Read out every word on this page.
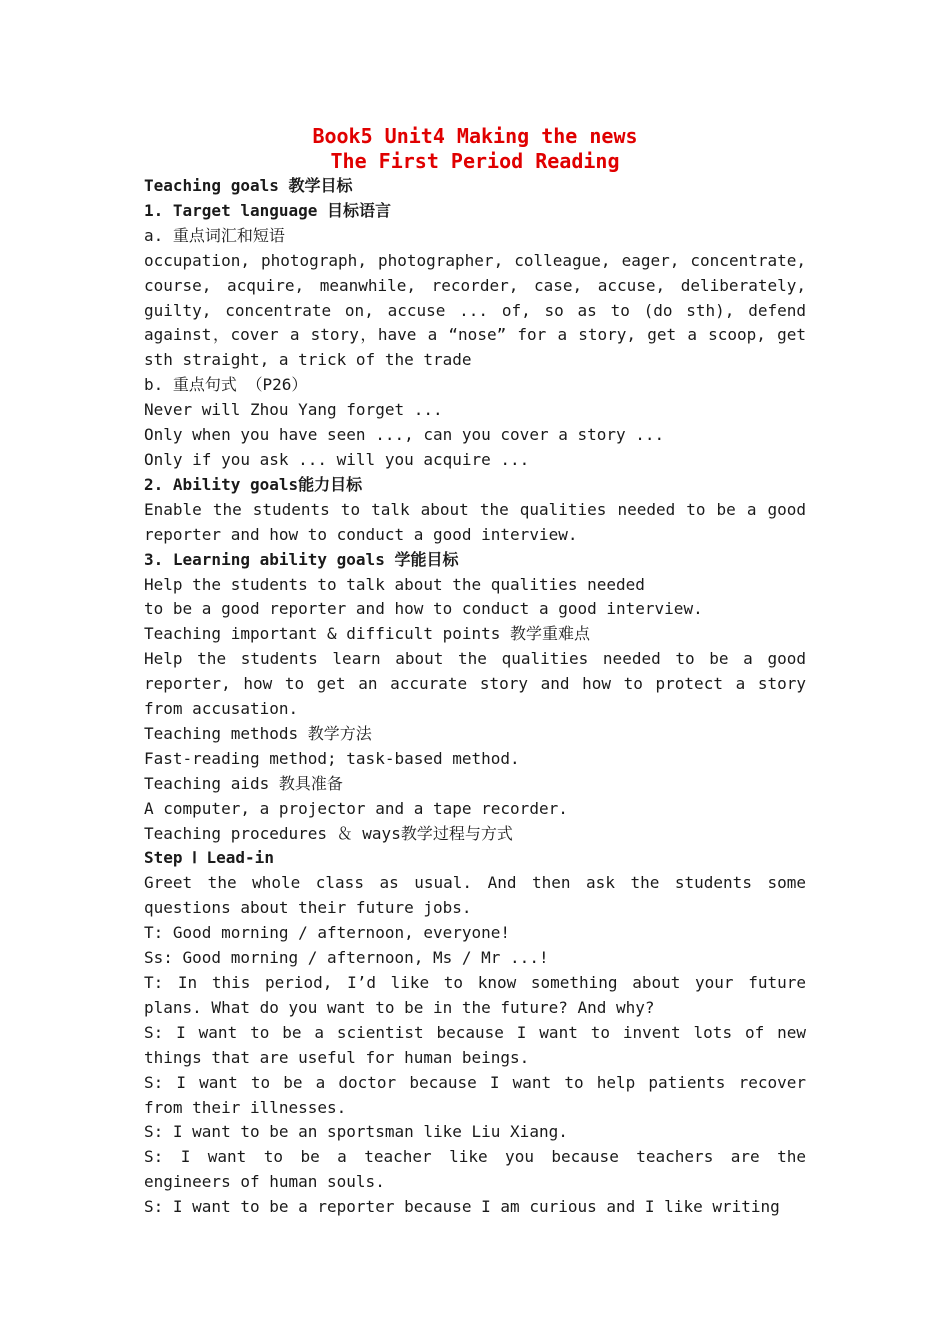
Book5 Unit4 Making the news

The First Period Reading

Teaching goals 教学目标

1. Target language 目标语言

a. 重点词汇和短语

occupation, photograph, photographer, colleague, eager, concentrate, course, acquire, meanwhile, recorder, case, accuse, deliberately, guilty, concentrate on, accuse ... of, so as to (do sth), defend against，cover a story，have a “nose” for a story, get a scoop, get sth straight, a trick of the trade

b. 重点句式 （P26）

Never will Zhou Yang forget ...

Only when you have seen ..., can you cover a story ...

Only if you ask ... will you acquire ...

2. Ability goals能力目标

Enable the students to talk about the qualities needed to be a good reporter and how to conduct a good interview.

3. Learning ability goals 学能目标

Help the students to talk about the qualities needed

to be a good reporter and how to conduct a good interview.

Teaching important & difficult points 教学重难点

Help the students learn about the qualities needed to be a good reporter, how to get an accurate story and how to protect a story from accusation.

Teaching methods 教学方法

Fast-reading method; task-based method.

Teaching aids 教具准备

A computer, a projector and a tape recorder.

Teaching procedures ＆ ways教学过程与方式

Step Ⅰ Lead-in

Greet the whole class as usual. And then ask the students some questions about their future jobs.

T: Good morning / afternoon, everyone!

Ss: Good morning / afternoon, Ms / Mr ...!

T: In this period, I’d like to know something about your future plans. What do you want to be in the future? And why?

S: I want to be a scientist because I want to invent lots of new things that are useful for human beings.

S: I want to be a doctor because I want to help patients recover from their illnesses.

S: I want to be an sportsman like Liu Xiang.

S: I want to be a teacher like you because teachers are the engineers of human souls.

S: I want to be a reporter because I am curious and I like writing
